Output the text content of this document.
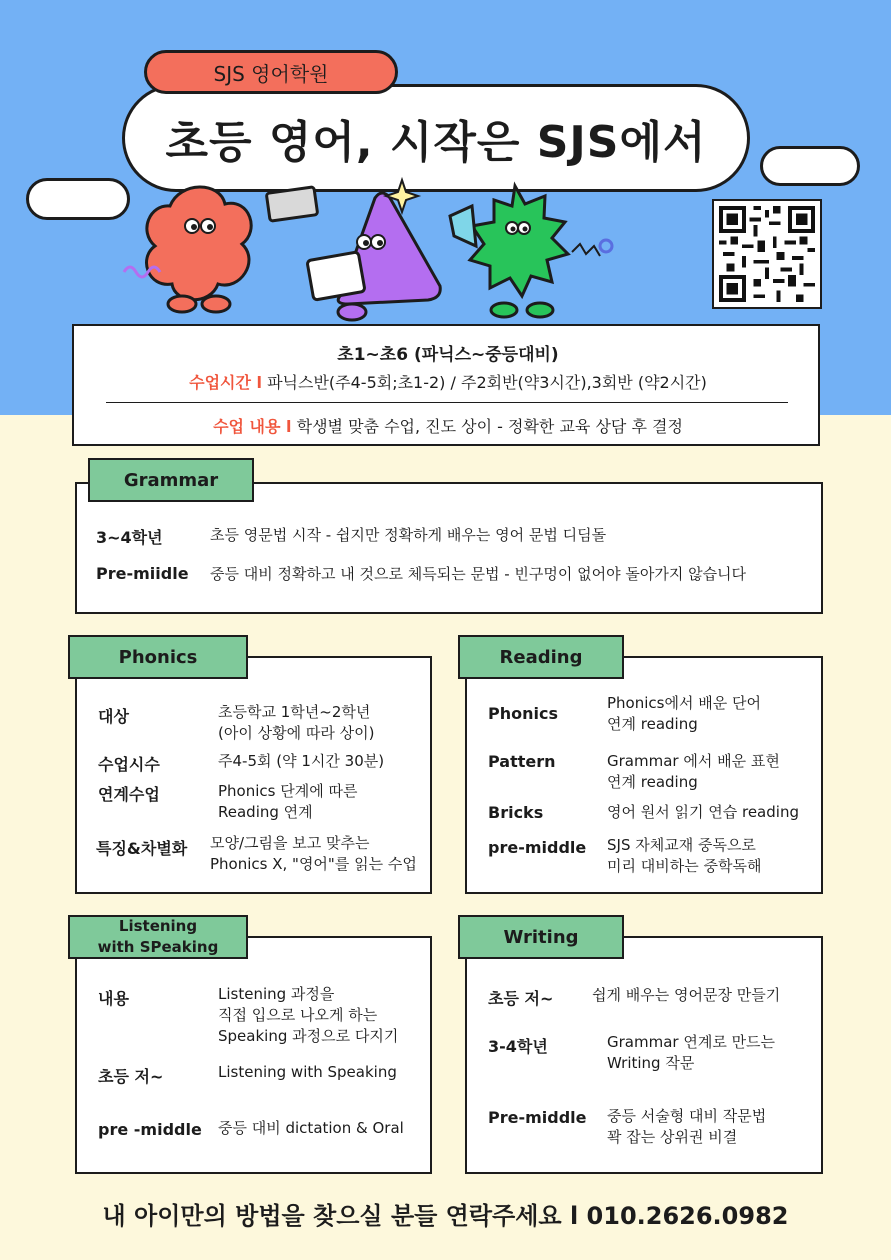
초등 영어, 시작은 SJS에서
SJS 영어학원
초1~초6 (파닉스~중등대비)
수업시간 l 파닉스반(주4-5회;초1-2) / 주2회반(약3시간),3회반 (약2시간)
수업 내용 l 학생별 맞춤 수업, 진도 상이 - 정확한 교육 상담 후 결정
Grammar
3~4학년	초등 영문법 시작 - 쉽지만 정확하게 배우는 영어 문법 디딤돌
Pre-miidle 중등 대비 정확하고 내 것으로 체득되는 문법 - 빈구멍이 없어야 돌아가지 않습니다
Phonics
대상	초등학교 1학년~2학년
(아이 상황에 따라 상이)
수업시수	주4-5회 (약 1시간 30분)
연계수업	Phonics 단계에 따른
Reading 연계
특징&차별화 모양/그림을 보고 맞추는
Phonics X, "영어"를 읽는 수업
Reading
Phonics
Phonics에서 배운 단어
연계 reading
Pattern	Grammar 에서 배운 표현
연계 reading
Bricks	영어 원서 읽기 연습 reading
pre-middle SJS 자체교재 중독으로
미리 대비하는 중학독해
Listening
with SPeaking
내용	Listening 과정을
직접 입으로 나오게 하는
Speaking 과정으로 다지기
초등 저~	Listening with Speaking
pre -middle 중등 대비 dictation & Oral
Writing
초등 저~	쉽게 배우는 영어문장 만들기
3-4학년	Grammar 연계로 만드는
Writing 작문
Pre-middle 중등 서술형 대비 작문법
꽉 잡는 상위권 비결
내 아이만의 방법을 찾으실 분들 연락주세요 l 010.2626.0982
